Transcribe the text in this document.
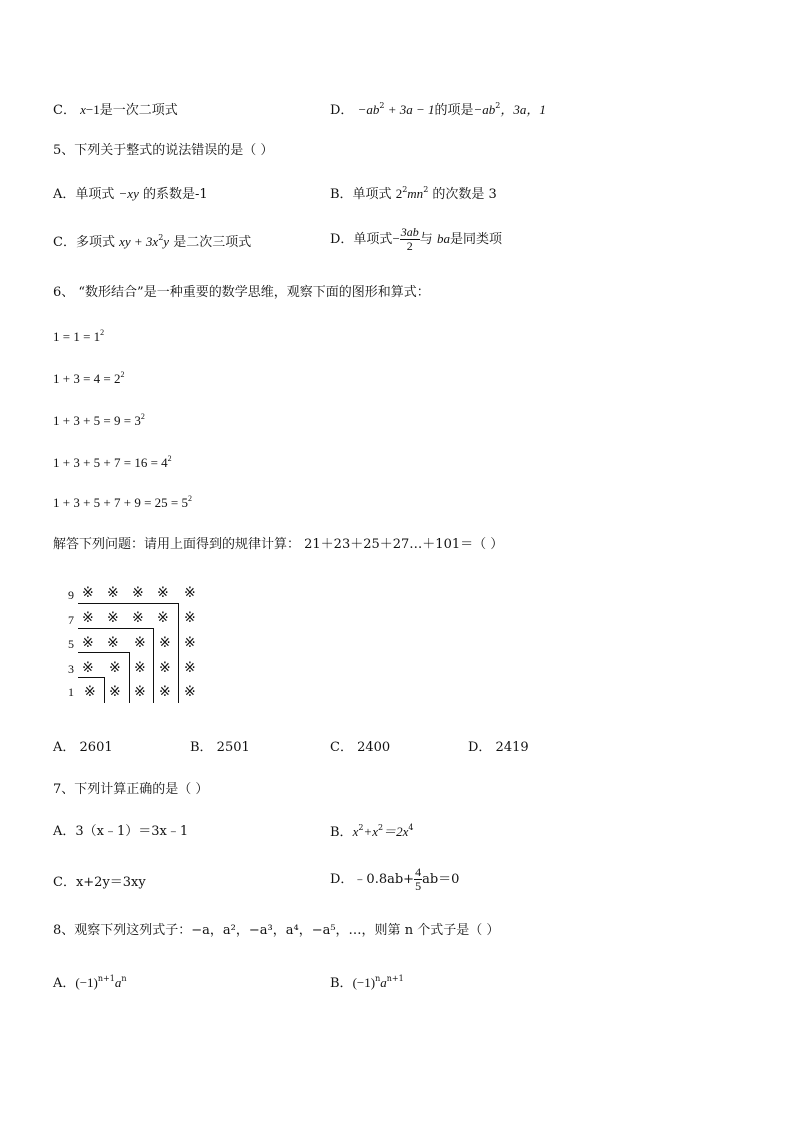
C． x−1是一次二项式	D． $-ab^2 + 3a - 1$的项是$-ab^2$，3a，1
5、下列关于整式的说法错误的是（ ）
A．单项式 −xy 的系数是-1	B．单项式 $2^2mn^2$ 的次数是 3
C．多项式 xy + $3x^2y$ 是二次三项式	D．单项式− $\frac{3ab}{2}$ 与 ba是同类项
6、 “数形结合”是一种重要的数学思维，观察下面的图形和算式：
$1 = 1 = 1^2$
$1 + 3 = 4 = 2^2$
$1 + 3 + 5 = 9 = 3^2$
$1 + 3 + 5 + 7 = 16 = 4^2$
$1 + 3 + 5 + 7 + 9 = 25 = 5^2$
解答下列问题：请用上面得到的规律计算： 21＋23＋25＋27…＋101＝（ ）
9
7
5
3
1
※ ※ ※ ※ ※
※ ※ ※ ※ ※
※ ※ ※ ※ ※
※ ※ ※ ※ ※
※ ※ ※ ※ ※
A． 2601	B． 2501	C． 2400	D． 2419
7、下列计算正确的是（ ）
A．3（x﹣1）＝3x﹣1	B．$x^2+x^2=2x^4$
C．x+2y＝3xy	D．﹣0.8ab+ $\frac{4}{5} ab=0$
8、观察下列这列式子：−a，a²，−a³，a⁴，−a⁵，…，则第 n 个式子是（ ）
A．$(-1)^{n+1}a^n$	B．$(-1)^na^{n+1}$
